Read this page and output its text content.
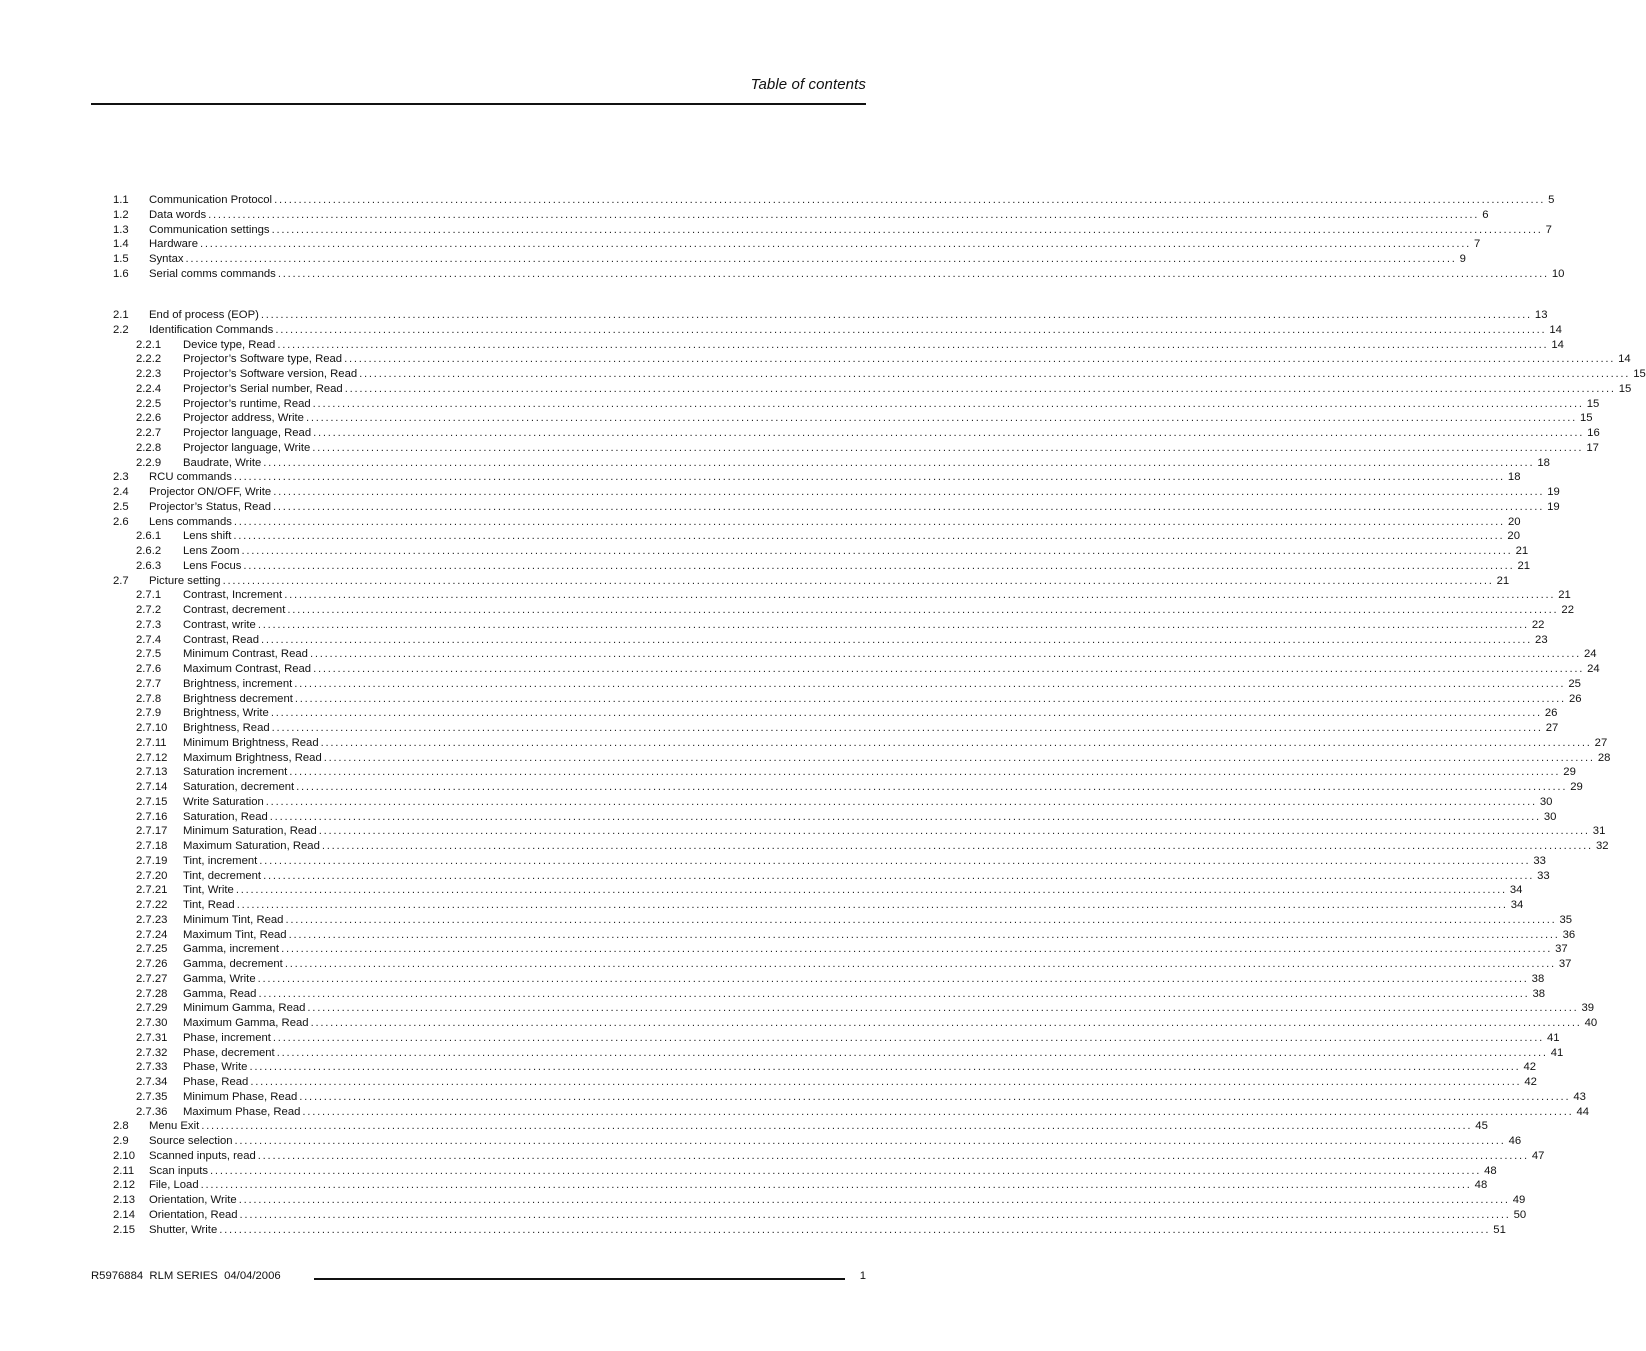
Table of contents
1.1 Communication Protocol .................................................................................................................................................................................................................................................................... 5
1.2 Data words .................................................................................................................................................................................................................................................................... 6
1.3 Communication settings .................................................................................................................................................................................................................................................................... 7
1.4 Hardware .................................................................................................................................................................................................................................................................... 7
1.5 Syntax .................................................................................................................................................................................................................................................................... 9
1.6 Serial comms commands .................................................................................................................................................................................................................................................................... 10
2.1 End of process (EOP) .................................................................................................................................................................................................................................................................... 13
2.2 Identification Commands .................................................................................................................................................................................................................................................................... 14
2.2.1 Device type, Read .................................................................................................................................................................................................................................................................... 14
2.2.2 Projector’s Software type, Read .................................................................................................................................................................................................................................................................... 14
2.2.3 Projector’s Software version, Read .................................................................................................................................................................................................................................................................... 15
2.2.4 Projector’s Serial number, Read .................................................................................................................................................................................................................................................................... 15
2.2.5 Projector’s runtime, Read .................................................................................................................................................................................................................................................................... 15
2.2.6 Projector address, Write .................................................................................................................................................................................................................................................................... 15
2.2.7 Projector language, Read .................................................................................................................................................................................................................................................................... 16
2.2.8 Projector language, Write .................................................................................................................................................................................................................................................................... 17
2.2.9 Baudrate, Write .................................................................................................................................................................................................................................................................... 18
2.3 RCU commands .................................................................................................................................................................................................................................................................... 18
2.4 Projector ON/OFF, Write .................................................................................................................................................................................................................................................................... 19
2.5 Projector’s Status, Read .................................................................................................................................................................................................................................................................... 19
2.6 Lens commands .................................................................................................................................................................................................................................................................... 20
2.6.1 Lens shift .................................................................................................................................................................................................................................................................... 20
2.6.2 Lens Zoom .................................................................................................................................................................................................................................................................... 21
2.6.3 Lens Focus .................................................................................................................................................................................................................................................................... 21
2.7 Picture setting .................................................................................................................................................................................................................................................................... 21
2.7.1 Contrast, Increment .................................................................................................................................................................................................................................................................... 21
2.7.2 Contrast, decrement .................................................................................................................................................................................................................................................................... 22
2.7.3 Contrast, write .................................................................................................................................................................................................................................................................... 22
2.7.4 Contrast, Read .................................................................................................................................................................................................................................................................... 23
2.7.5 Minimum Contrast, Read .................................................................................................................................................................................................................................................................... 24
2.7.6 Maximum Contrast, Read .................................................................................................................................................................................................................................................................... 24
2.7.7 Brightness, increment .................................................................................................................................................................................................................................................................... 25
2.7.8 Brightness decrement .................................................................................................................................................................................................................................................................... 26
2.7.9 Brightness, Write .................................................................................................................................................................................................................................................................... 26
2.7.10 Brightness, Read .................................................................................................................................................................................................................................................................... 27
2.7.11 Minimum Brightness, Read .................................................................................................................................................................................................................................................................... 27
2.7.12 Maximum Brightness, Read .................................................................................................................................................................................................................................................................... 28
2.7.13 Saturation increment .................................................................................................................................................................................................................................................................... 29
2.7.14 Saturation, decrement .................................................................................................................................................................................................................................................................... 29
2.7.15 Write Saturation .................................................................................................................................................................................................................................................................... 30
2.7.16 Saturation, Read .................................................................................................................................................................................................................................................................... 30
2.7.17 Minimum Saturation, Read .................................................................................................................................................................................................................................................................... 31
2.7.18 Maximum Saturation, Read .................................................................................................................................................................................................................................................................... 32
2.7.19 Tint, increment .................................................................................................................................................................................................................................................................... 33
2.7.20 Tint, decrement .................................................................................................................................................................................................................................................................... 33
2.7.21 Tint, Write .................................................................................................................................................................................................................................................................... 34
2.7.22 Tint, Read .................................................................................................................................................................................................................................................................... 34
2.7.23 Minimum Tint, Read .................................................................................................................................................................................................................................................................... 35
2.7.24 Maximum Tint, Read .................................................................................................................................................................................................................................................................... 36
2.7.25 Gamma, increment .................................................................................................................................................................................................................................................................... 37
2.7.26 Gamma, decrement .................................................................................................................................................................................................................................................................... 37
2.7.27 Gamma, Write .................................................................................................................................................................................................................................................................... 38
2.7.28 Gamma, Read .................................................................................................................................................................................................................................................................... 38
2.7.29 Minimum Gamma, Read .................................................................................................................................................................................................................................................................... 39
2.7.30 Maximum Gamma, Read .................................................................................................................................................................................................................................................................... 40
2.7.31 Phase, increment .................................................................................................................................................................................................................................................................... 41
2.7.32 Phase, decrement .................................................................................................................................................................................................................................................................... 41
2.7.33 Phase, Write .................................................................................................................................................................................................................................................................... 42
2.7.34 Phase, Read .................................................................................................................................................................................................................................................................... 42
2.7.35 Minimum Phase, Read .................................................................................................................................................................................................................................................................... 43
2.7.36 Maximum Phase, Read .................................................................................................................................................................................................................................................................... 44
2.8 Menu Exit .................................................................................................................................................................................................................................................................... 45
2.9 Source selection .................................................................................................................................................................................................................................................................... 46
2.10 Scanned inputs, read .................................................................................................................................................................................................................................................................... 47
2.11 Scan inputs .................................................................................................................................................................................................................................................................... 48
2.12 File, Load .................................................................................................................................................................................................................................................................... 48
2.13 Orientation, Write .................................................................................................................................................................................................................................................................... 49
2.14 Orientation, Read .................................................................................................................................................................................................................................................................... 50
2.15 Shutter, Write .................................................................................................................................................................................................................................................................... 51
R5976884  RLM SERIES  04/04/2006	1
